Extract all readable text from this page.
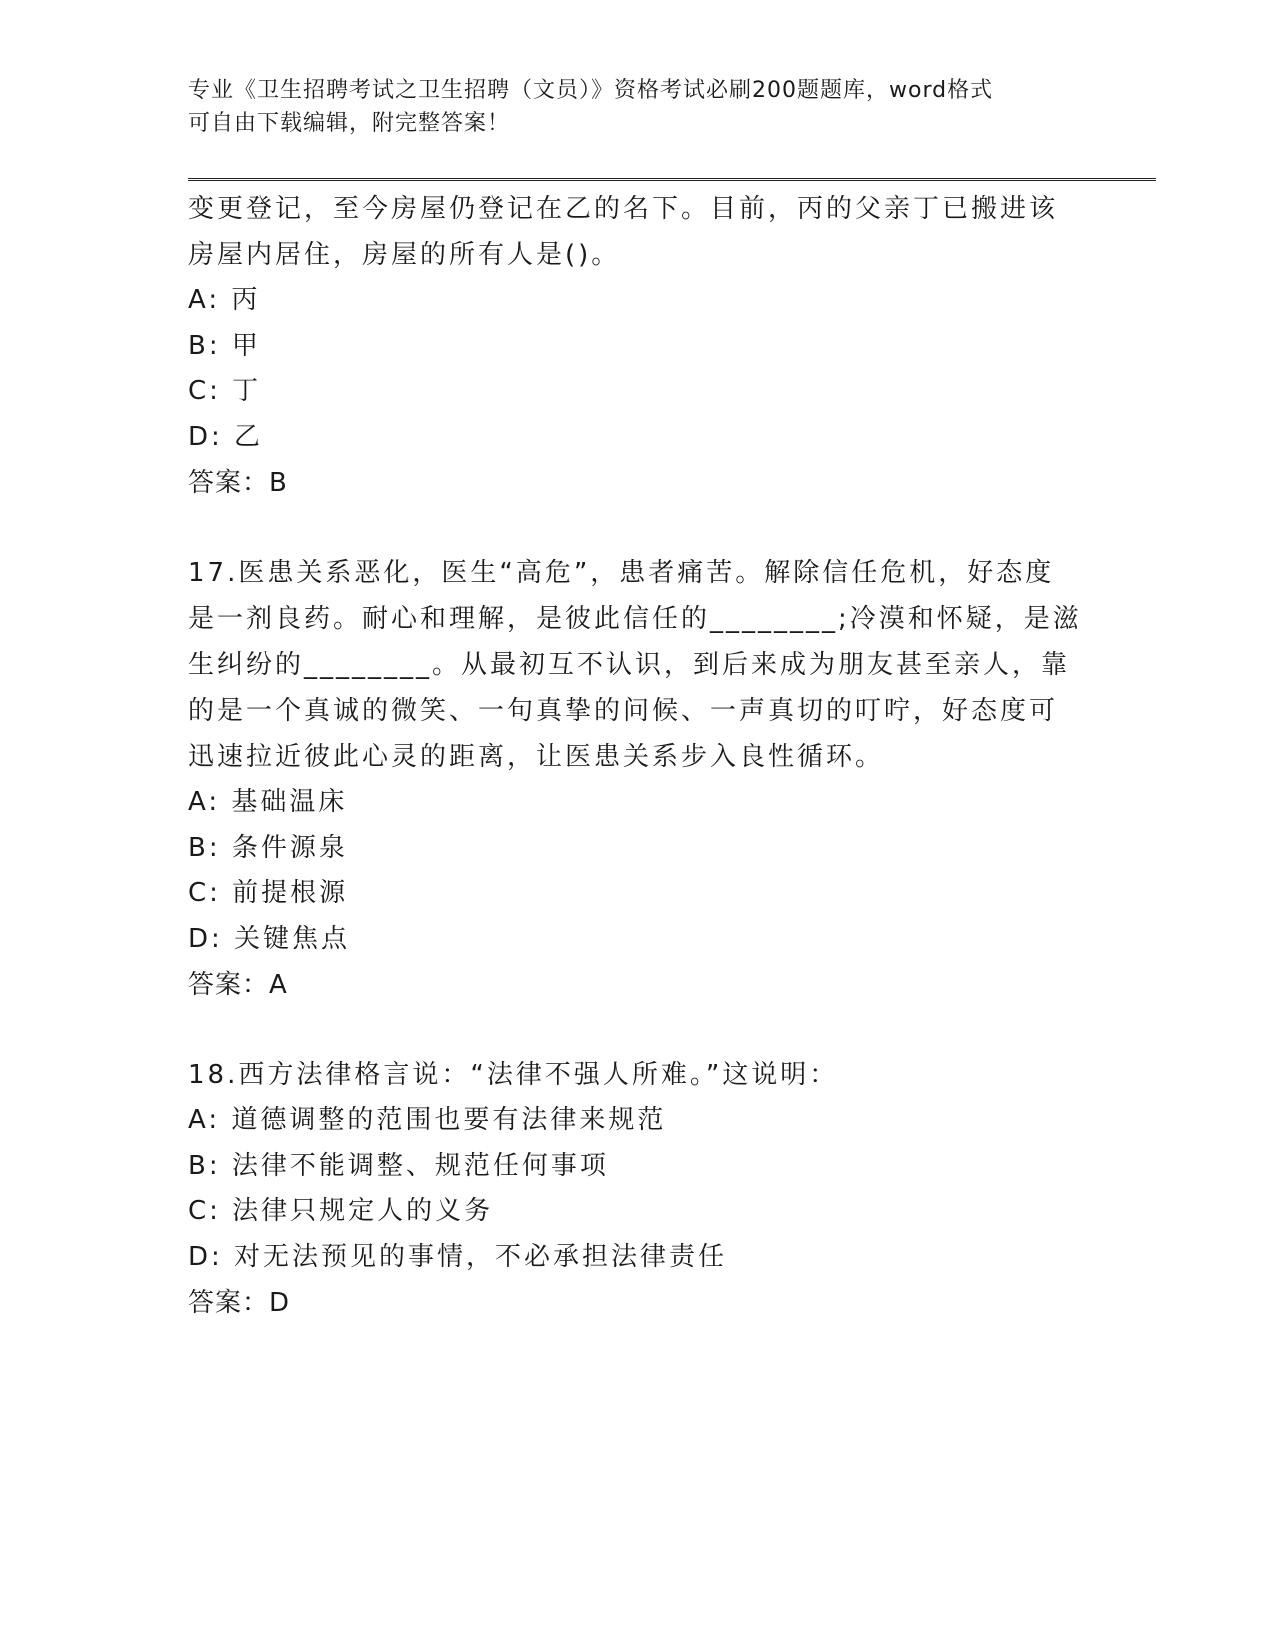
专业《卫生招聘考试之卫生招聘（文员）》资格考试必刷200题题库，word格式
可自由下载编辑，附完整答案！

变更登记，至今房屋仍登记在乙的名下。目前，丙的父亲丁已搬进该

房屋内居住，房屋的所有人是()。

A: 丙

B: 甲

C: 丁

D: 乙

答案：B

17.医患关系恶化，医生“高危”，患者痛苦。解除信任危机，好态度

是一剂良药。耐心和理解，是彼此信任的________;冷漠和怀疑，是滋

生纠纷的________。从最初互不认识，到后来成为朋友甚至亲人，靠

的是一个真诚的微笑、一句真挚的问候、一声真切的叮咛，好态度可

迅速拉近彼此心灵的距离，让医患关系步入良性循环。

A: 基础温床

B: 条件源泉

C: 前提根源

D: 关键焦点

答案：A

18.西方法律格言说：“法律不强人所难。”这说明：

A: 道德调整的范围也要有法律来规范

B: 法律不能调整、规范任何事项

C: 法律只规定人的义务

D: 对无法预见的事情，不必承担法律责任

答案：D
